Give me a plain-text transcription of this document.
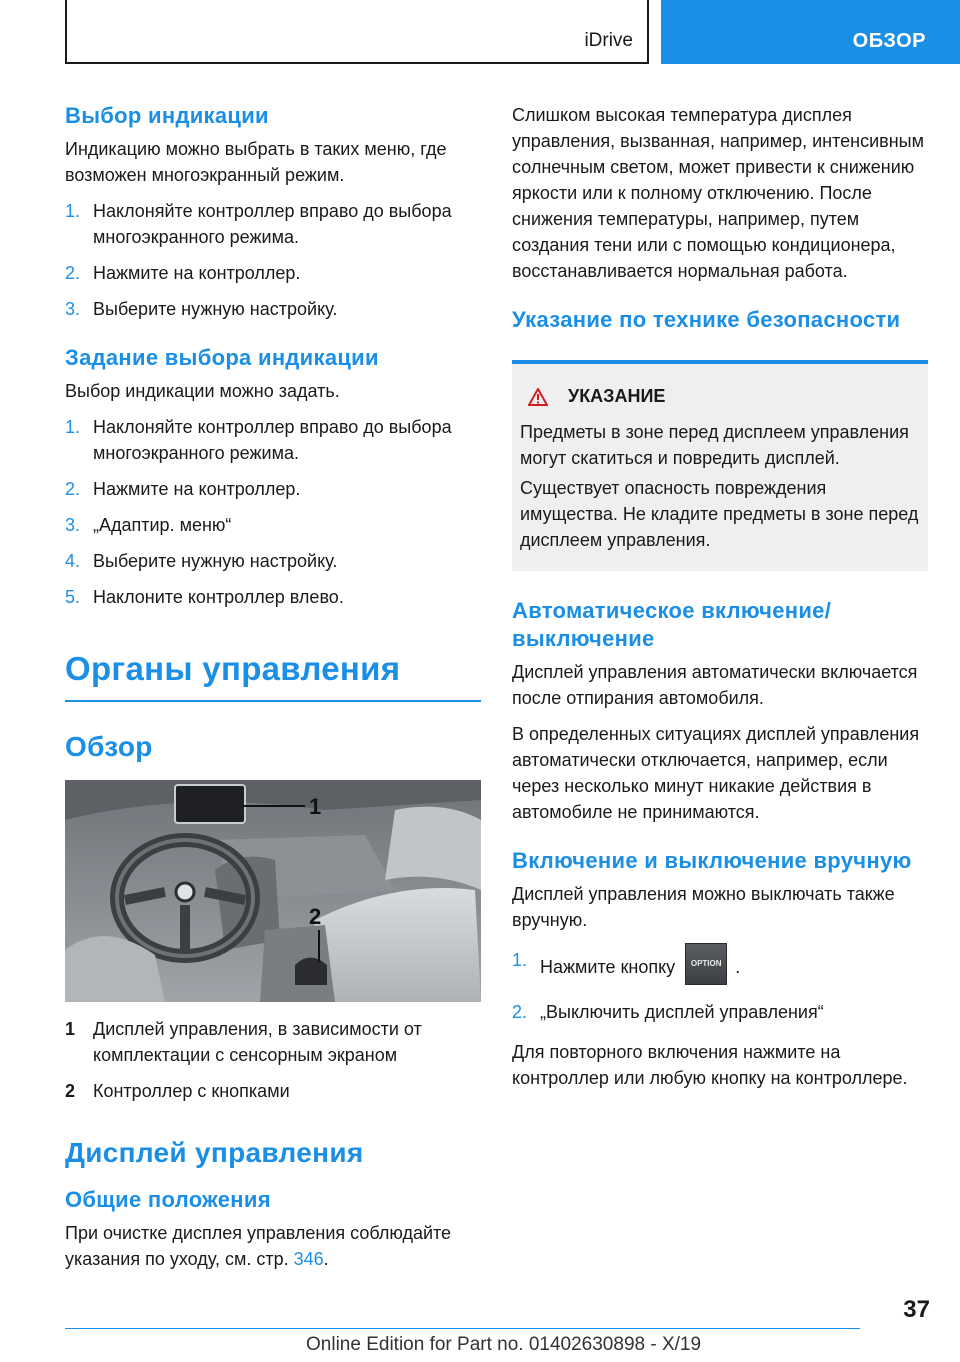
iDrive	ОБЗОР
Выбор индикации

Индикацию можно выбрать в таких меню, где возможен многоэкранный режим.

1. Наклоняйте контроллер вправо до выбора многоэкранного режима.
2. Нажмите на контроллер.
3. Выберите нужную настройку.
Задание выбора индикации

Выбор индикации можно задать.

1. Наклоняйте контроллер вправо до выбора многоэкранного режима.
2. Нажмите на контроллер.
3. „Адаптир. меню“
4. Выберите нужную настройку.
5. Наклоните контроллер влево.
Органы управления
Обзор
1
2
1 Дисплей управления, в зависимости от комплектации с сенсорным экраном
2 Контроллер с кнопками
Дисплей управления
Общие положения

При очистке дисплея управления соблюдайте указания по уходу, см. стр. 346.

Слишком высокая температура дисплея управления, вызванная, например, интенсивным солнечным светом, может привести к снижению яркости или к полному отключению. После снижения температуры, например, путем создания тени или с помощью кондиционера, восстанавливается нормальная работа.

Указание по технике безопасности
УКАЗАНИЕ

Предметы в зоне перед дисплеем управления могут скатиться и повредить дисплей.

Существует опасность повреждения имущества. Не кладите предметы в зоне перед дисплеем управления.

Автоматическое включение/выключение

Дисплей управления автоматически включается после отпирания автомобиля.

В определенных ситуациях дисплей управления автоматически отключается, например, если через несколько минут никакие действия в автомобиле не принимаются.

Включение и выключение вручную

Дисплей управления можно выключать также вручную.

1. Нажмите кнопку OPTION .
2. „Выключить дисплей управления“

Для повторного включения нажмите на контроллер или любую кнопку на контроллере.

37
Online Edition for Part no. 01402630898 - X/19
